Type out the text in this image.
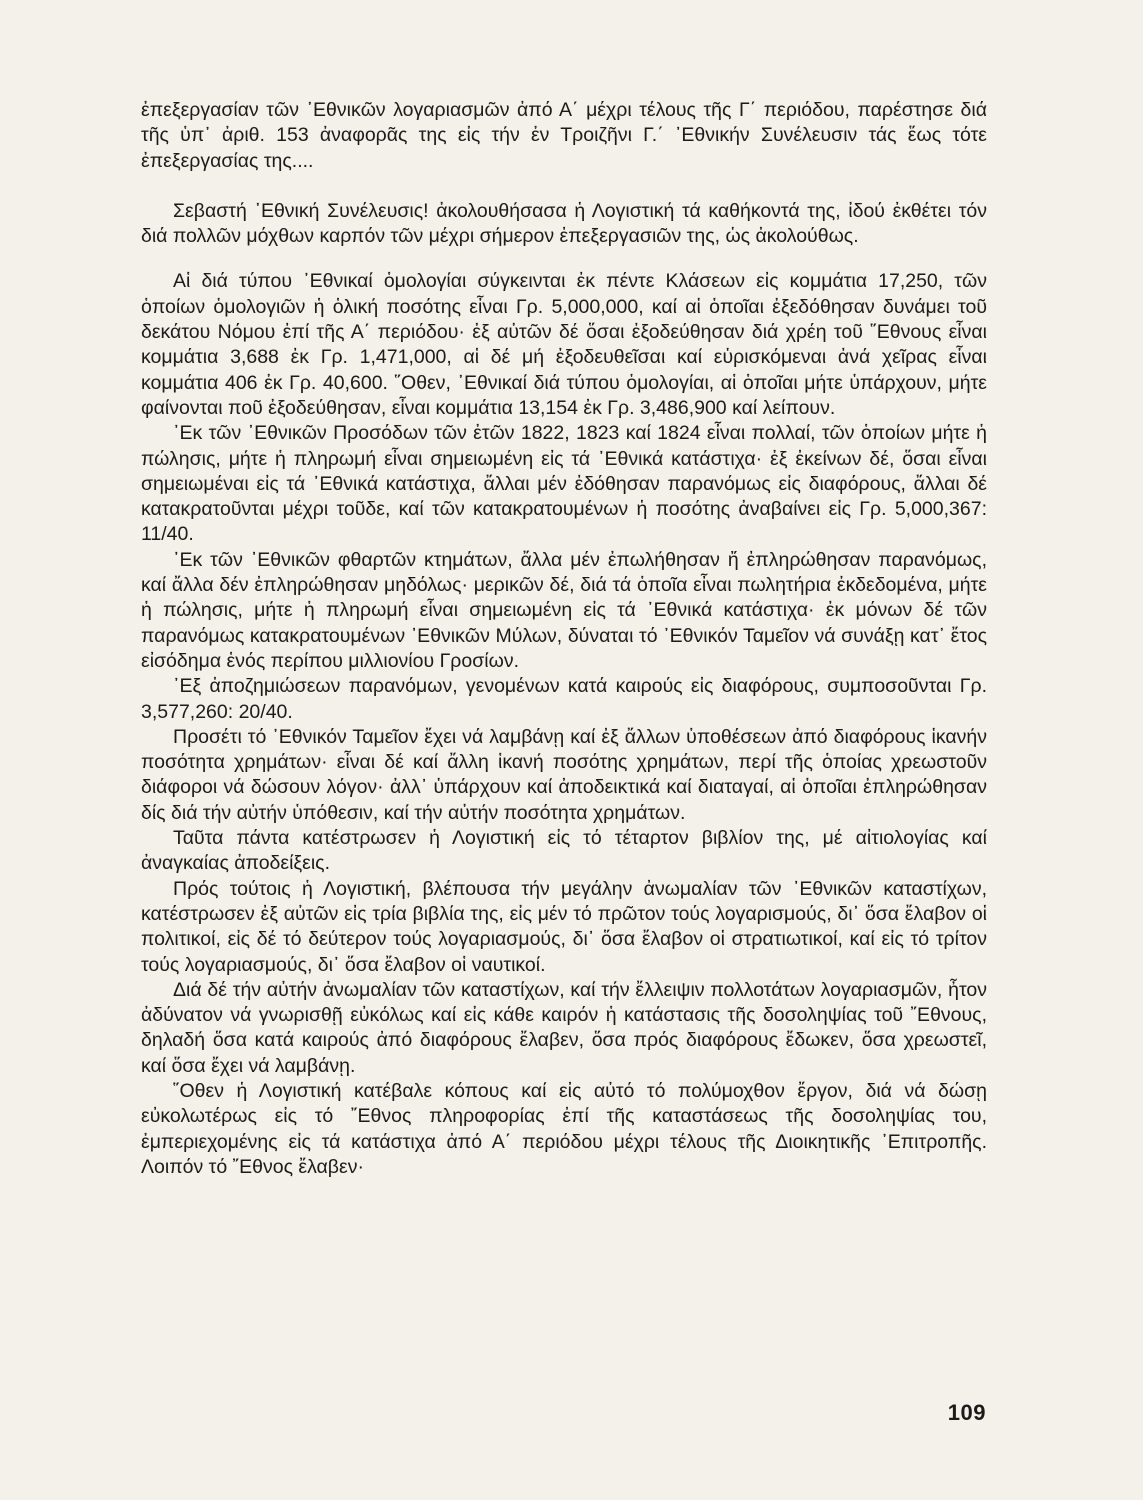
ἐπεξεργασίαν τῶν ᾿Εθνικῶν λογαριασμῶν ἀπό Α΄ μέχρι τέλους τῆς Γ΄ περιόδου, παρέστησε διά τῆς ὑπ᾿ ἀριθ. 153 ἀναφορᾶς της εἰς τήν ἐν Τροιζῆνι Γ.΄ ᾿Εθνικήν Συνέλευσιν τάς ἕως τότε ἐπεξεργασίας της....

Σεβαστή ᾿Εθνική Συνέλευσις! ἀκολουθήσασα ἡ Λογιστική τά καθήκοντά της, ἰδού ἐκθέτει τόν διά πολλῶν μόχθων καρπόν τῶν μέχρι σήμερον ἐπεξεργασιῶν της, ὡς ἀκολούθως.

Αἱ διά τύπου ᾿Εθνικαί ὁμολογίαι σύγκεινται ἐκ πέντε Κλάσεων εἰς κομμάτια 17,250, τῶν ὁποίων ὁμολογιῶν ἡ ὁλική ποσότης εἶναι Γρ. 5,000,000, καί αἱ ὁποῖαι ἐξεδόθησαν δυνάμει τοῦ δεκάτου Νόμου ἐπί τῆς Α΄ περιόδου· ἐξ αὐτῶν δέ ὅσαι ἐξοδεύθησαν διά χρέη τοῦ ῞Εθνους εἶναι κομμάτια 3,688 ἐκ Γρ. 1,471,000, αἱ δέ μή ἐξοδευθεῖσαι καί εὑρισκόμεναι ἀνά χεῖρας εἶναι κομμάτια 406 ἐκ Γρ. 40,600. ῞Οθεν, ᾿Εθνικαί διά τύπου ὁμολογίαι, αἱ ὁποῖαι μήτε ὑπάρχουν, μήτε φαίνονται ποῦ ἐξοδεύθησαν, εἶναι κομμάτια 13,154 ἐκ Γρ. 3,486,900 καί λείπουν.

᾿Εκ τῶν ᾿Εθνικῶν Προσόδων τῶν ἐτῶν 1822, 1823 καί 1824 εἶναι πολλαί, τῶν ὁποίων μήτε ἡ πώλησις, μήτε ἡ πληρωμή εἶναι σημειωμένη εἰς τά ᾿Εθνικά κατάστιχα· ἐξ ἐκείνων δέ, ὅσαι εἶναι σημειωμέναι εἰς τά ᾿Εθνικά κατάστιχα, ἄλλαι μέν ἐδόθησαν παρανόμως εἰς διαφόρους, ἄλλαι δέ κατακρατοῦνται μέχρι τοῦδε, καί τῶν κατακρατουμένων ἡ ποσότης ἀναβαίνει εἰς Γρ. 5,000,367: 11/40.

᾿Εκ τῶν ᾿Εθνικῶν φθαρτῶν κτημάτων, ἄλλα μέν ἐπωλήθησαν ἤ ἐπληρώθησαν παρανόμως, καί ἄλλα δέν ἐπληρώθησαν μηδόλως· μερικῶν δέ, διά τά ὁποῖα εἶναι πωλητήρια ἐκδεδομένα, μήτε ἡ πώλησις, μήτε ἡ πληρωμή εἶναι σημειωμένη εἰς τά ᾿Εθνικά κατάστιχα· ἐκ μόνων δέ τῶν παρανόμως κατακρατουμένων ᾿Εθνικῶν Μύλων, δύναται τό ᾿Εθνικόν Ταμεῖον νά συνάξῃ κατ᾿ ἔτος εἰσόδημα ἑνός περίπου μιλλιονίου Γροσίων.

᾿Εξ ἀποζημιώσεων παρανόμων, γενομένων κατά καιρούς εἰς διαφόρους, συμποσοῦνται Γρ. 3,577,260: 20/40.

Προσέτι τό ᾿Εθνικόν Ταμεῖον ἔχει νά λαμβάνῃ καί ἐξ ἄλλων ὑποθέσεων ἀπό διαφόρους ἱκανήν ποσότητα χρημάτων· εἶναι δέ καί ἄλλη ἱκανή ποσότης χρημάτων, περί τῆς ὁποίας χρεωστοῦν διάφοροι νά δώσουν λόγον· ἀλλ᾿ ὑπάρχουν καί ἀποδεικτικά καί διαταγαί, αἱ ὁποῖαι ἐπληρώθησαν δίς διά τήν αὐτήν ὑπόθεσιν, καί τήν αὐτήν ποσότητα χρημάτων.

Ταῦτα πάντα κατέστρωσεν ἡ Λογιστική εἰς τό τέταρτον βιβλίον της, μέ αἰτιολογίας καί ἀναγκαίας ἀποδείξεις.

Πρός τούτοις ἡ Λογιστική, βλέπουσα τήν μεγάλην ἀνωμαλίαν τῶν ᾿Εθνικῶν καταστίχων, κατέστρωσεν ἐξ αὐτῶν εἰς τρία βιβλία της, εἰς μέν τό πρῶτον τούς λογαρισμούς, δι᾿ ὅσα ἔλαβον οἱ πολιτικοί, εἰς δέ τό δεύτερον τούς λογαριασμούς, δι᾿ ὅσα ἔλαβον οἱ στρατιωτικοί, καί εἰς τό τρίτον τούς λογαριασμούς, δι᾿ ὅσα ἔλαβον οἱ ναυτικοί.

Διά δέ τήν αὐτήν ἀνωμαλίαν τῶν καταστίχων, καί τήν ἔλλειψιν πολλοτάτων λογαριασμῶν, ἦτον ἀδύνατον νά γνωρισθῇ εὐκόλως καί εἰς κάθε καιρόν ἡ κατάστασις τῆς δοσοληψίας τοῦ ῎Εθνους, δηλαδή ὅσα κατά καιρούς ἀπό διαφόρους ἔλαβεν, ὅσα πρός διαφόρους ἔδωκεν, ὅσα χρεωστεῖ, καί ὅσα ἔχει νά λαμβάνῃ.

῞Οθεν ἡ Λογιστική κατέβαλε κόπους καί εἰς αὐτό τό πολύμοχθον ἔργον, διά νά δώσῃ εὐκολωτέρως εἰς τό ῎Εθνος πληροφορίας ἐπί τῆς καταστάσεως τῆς δοσοληψίας του, ἐμπεριεχομένης εἰς τά κατάστιχα ἀπό Α΄ περιόδου μέχρι τέλους τῆς Διοικητικῆς ᾿Επιτροπῆς. Λοιπόν τό ῎Εθνος ἔλαβεν·

109
